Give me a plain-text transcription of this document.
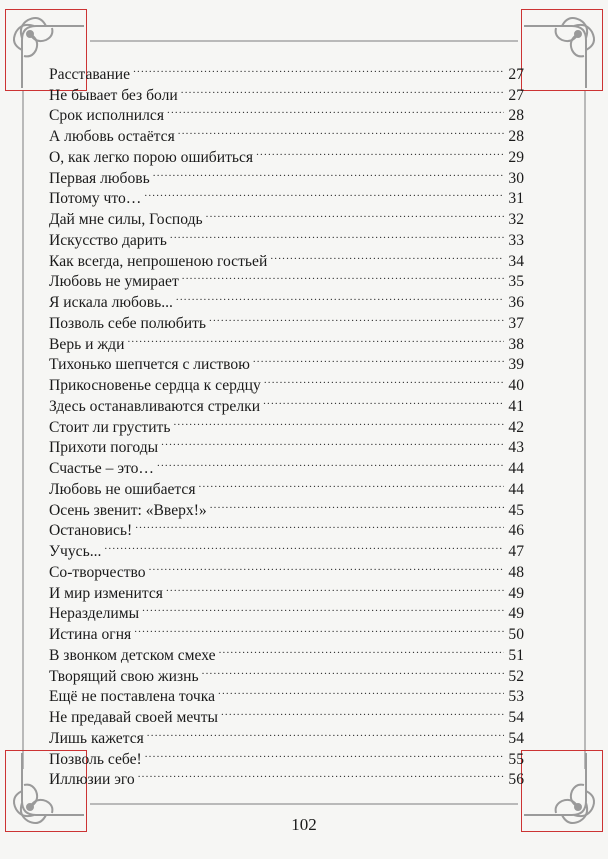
Расставание .....	27
Не бывает без боли .....	27
Срок исполнился .....	28
А любовь остаётся .....	28
О, как легко порою ошибиться .....	29
Первая любовь .....	30
Потому что… .....	31
Дай мне силы, Господь .....	32
Искусство дарить .....	33
Как всегда, непрошеною гостьей .....	34
Любовь не умирает .....	35
Я искала любовь... .....	36
Позволь себе полюбить .....	37
Верь и жди .....	38
Тихонько шепчется с листвою .....	39
Прикосновенье сердца к сердцу .....	40
Здесь останавливаются стрелки .....	41
Стоит ли грустить .....	42
Прихоти погоды .....	43
Счастье – это… .....	44
Любовь не ошибается .....	44
Осень звенит: «Вверх!» .....	45
Остановись! .....	46
Учусь... .....	47
Со-творчество .....	48
И мир изменится .....	49
Неразделимы .....	49
Истина огня .....	50
В звонком детском смехе .....	51
Творящий свою жизнь .....	52
Ещё не поставлена точка .....	53
Не предавай своей мечты .....	54
Лишь кажется .....	54
Позволь себе! .....	55
Иллюзии эго .....	56
102
